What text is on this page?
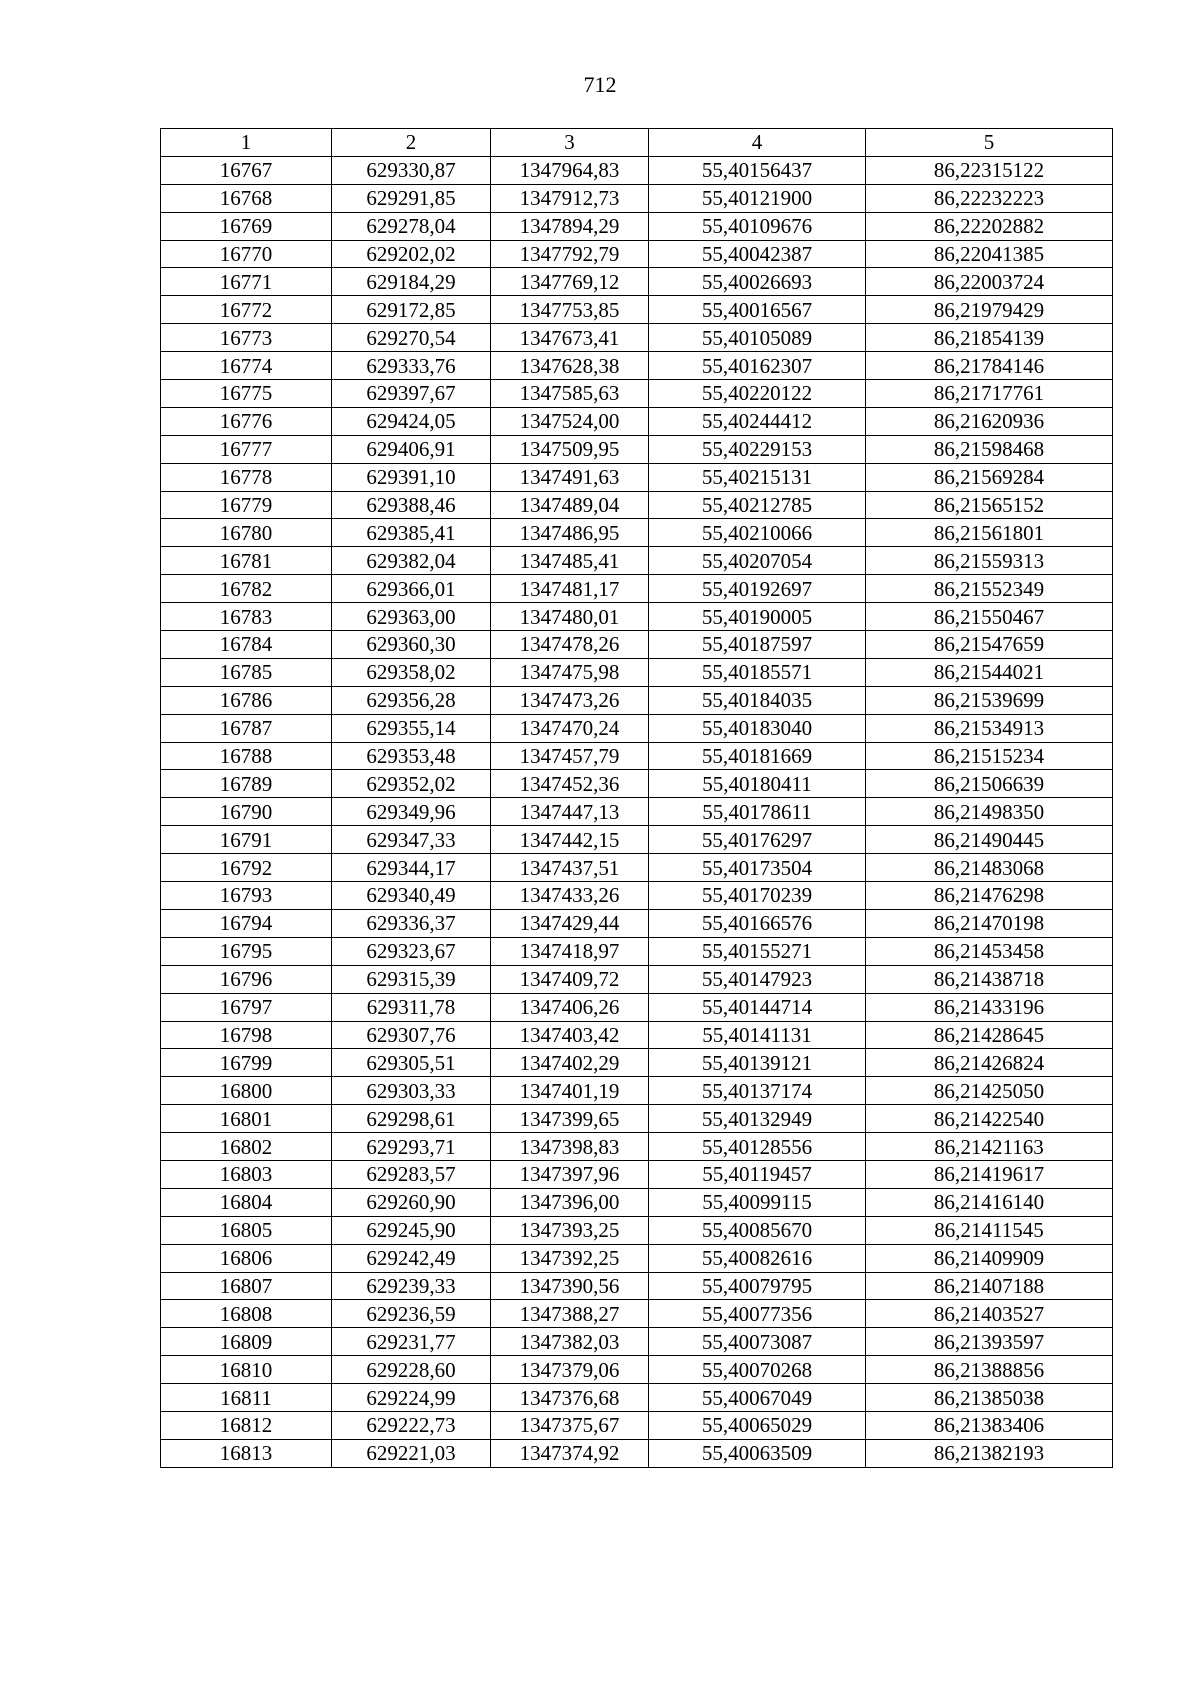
712
1	2	3	4	5
16767	629330,87	1347964,83	55,40156437	86,22315122
16768	629291,85	1347912,73	55,40121900	86,22232223
16769	629278,04	1347894,29	55,40109676	86,22202882
16770	629202,02	1347792,79	55,40042387	86,22041385
16771	629184,29	1347769,12	55,40026693	86,22003724
16772	629172,85	1347753,85	55,40016567	86,21979429
16773	629270,54	1347673,41	55,40105089	86,21854139
16774	629333,76	1347628,38	55,40162307	86,21784146
16775	629397,67	1347585,63	55,40220122	86,21717761
16776	629424,05	1347524,00	55,40244412	86,21620936
16777	629406,91	1347509,95	55,40229153	86,21598468
16778	629391,10	1347491,63	55,40215131	86,21569284
16779	629388,46	1347489,04	55,40212785	86,21565152
16780	629385,41	1347486,95	55,40210066	86,21561801
16781	629382,04	1347485,41	55,40207054	86,21559313
16782	629366,01	1347481,17	55,40192697	86,21552349
16783	629363,00	1347480,01	55,40190005	86,21550467
16784	629360,30	1347478,26	55,40187597	86,21547659
16785	629358,02	1347475,98	55,40185571	86,21544021
16786	629356,28	1347473,26	55,40184035	86,21539699
16787	629355,14	1347470,24	55,40183040	86,21534913
16788	629353,48	1347457,79	55,40181669	86,21515234
16789	629352,02	1347452,36	55,40180411	86,21506639
16790	629349,96	1347447,13	55,40178611	86,21498350
16791	629347,33	1347442,15	55,40176297	86,21490445
16792	629344,17	1347437,51	55,40173504	86,21483068
16793	629340,49	1347433,26	55,40170239	86,21476298
16794	629336,37	1347429,44	55,40166576	86,21470198
16795	629323,67	1347418,97	55,40155271	86,21453458
16796	629315,39	1347409,72	55,40147923	86,21438718
16797	629311,78	1347406,26	55,40144714	86,21433196
16798	629307,76	1347403,42	55,40141131	86,21428645
16799	629305,51	1347402,29	55,40139121	86,21426824
16800	629303,33	1347401,19	55,40137174	86,21425050
16801	629298,61	1347399,65	55,40132949	86,21422540
16802	629293,71	1347398,83	55,40128556	86,21421163
16803	629283,57	1347397,96	55,40119457	86,21419617
16804	629260,90	1347396,00	55,40099115	86,21416140
16805	629245,90	1347393,25	55,40085670	86,21411545
16806	629242,49	1347392,25	55,40082616	86,21409909
16807	629239,33	1347390,56	55,40079795	86,21407188
16808	629236,59	1347388,27	55,40077356	86,21403527
16809	629231,77	1347382,03	55,40073087	86,21393597
16810	629228,60	1347379,06	55,40070268	86,21388856
16811	629224,99	1347376,68	55,40067049	86,21385038
16812	629222,73	1347375,67	55,40065029	86,21383406
16813	629221,03	1347374,92	55,40063509	86,21382193
